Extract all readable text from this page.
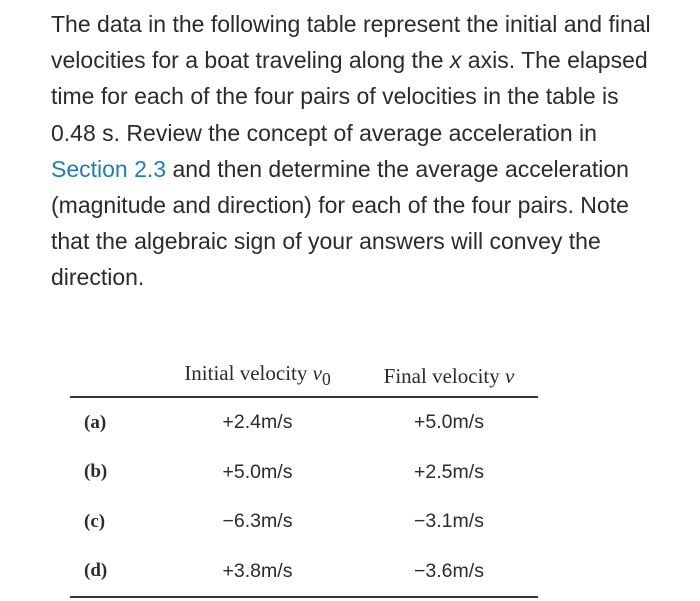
The data in the following table represent the initial and final velocities for a boat traveling along the x axis. The elapsed time for each of the four pairs of velocities in the table is 0.48 s. Review the concept of average acceleration in Section 2.3 and then determine the average acceleration (magnitude and direction) for each of the four pairs. Note that the algebraic sign of your answers will convey the direction.

	Initial velocity $v_0$	Final velocity v
(a)	+2.4m/s	+5.0m/s
(b)	+5.0m/s	+2.5m/s
(c)	−6.3m/s	−3.1m/s
(d)	+3.8m/s	−3.6m/s
